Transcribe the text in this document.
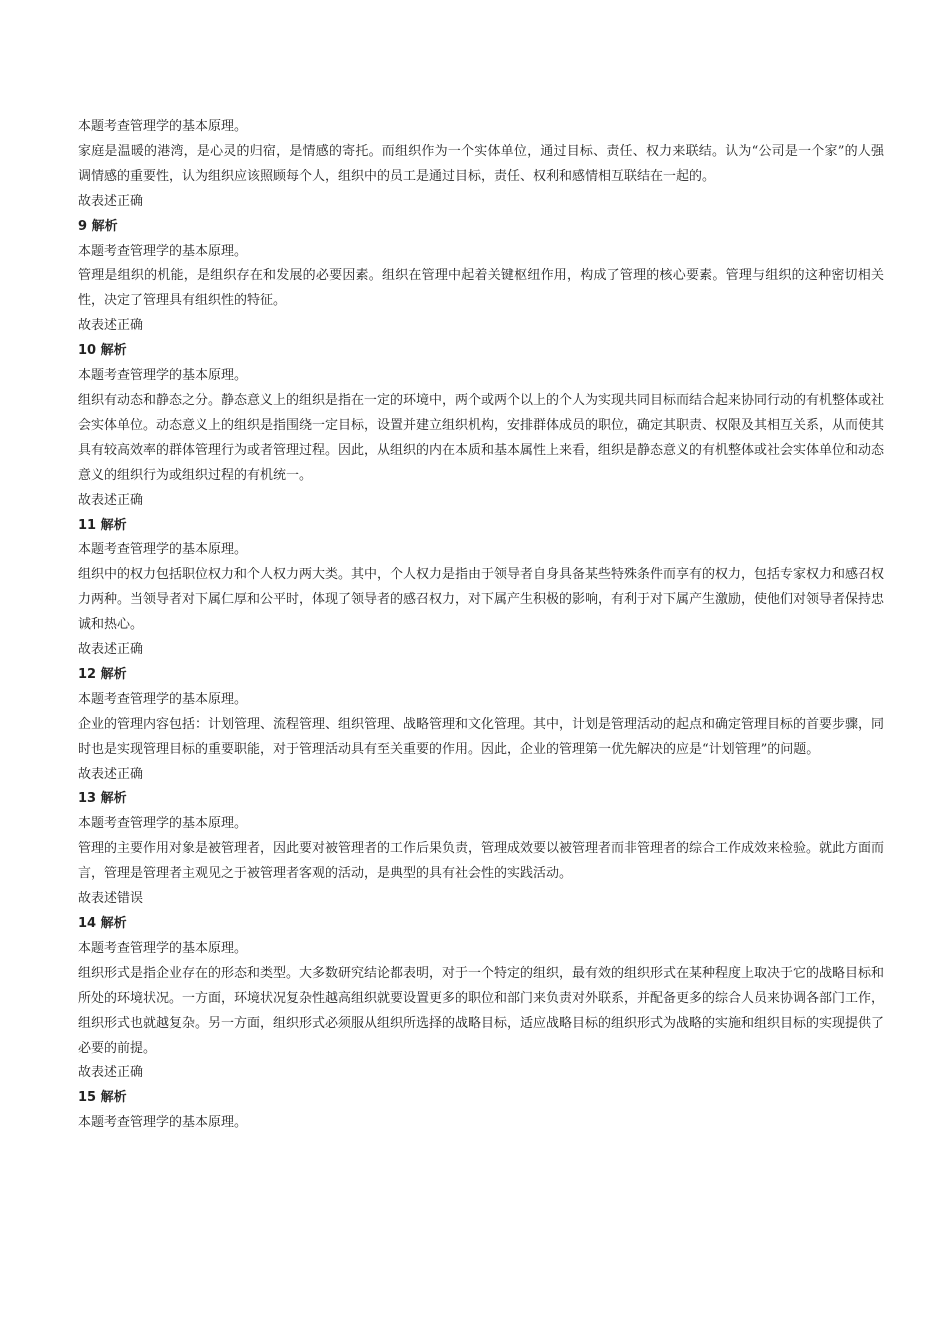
本题考查管理学的基本原理。

家庭是温暖的港湾，是心灵的归宿，是情感的寄托。而组织作为一个实体单位，通过目标、责任、权力来联结。认为“公司是一个家”的人强调情感的重要性，认为组织应该照顾每个人，组织中的员工是通过目标，责任、权利和感情相互联结在一起的。

故表述正确

9 解析

本题考查管理学的基本原理。

管理是组织的机能，是组织存在和发展的必要因素。组织在管理中起着关键枢纽作用，构成了管理的核心要素。管理与组织的这种密切相关性，决定了管理具有组织性的特征。

故表述正确

10 解析

本题考查管理学的基本原理。

组织有动态和静态之分。静态意义上的组织是指在一定的环境中，两个或两个以上的个人为实现共同目标而结合起来协同行动的有机整体或社会实体单位。动态意义上的组织是指围绕一定目标，设置并建立组织机构，安排群体成员的职位，确定其职责、权限及其相互关系，从而使其具有较高效率的群体管理行为或者管理过程。因此，从组织的内在本质和基本属性上来看，组织是静态意义的有机整体或社会实体单位和动态意义的组织行为或组织过程的有机统一。

故表述正确

11 解析

本题考查管理学的基本原理。

组织中的权力包括职位权力和个人权力两大类。其中，个人权力是指由于领导者自身具备某些特殊条件而享有的权力，包括专家权力和感召权力两种。当领导者对下属仁厚和公平时，体现了领导者的感召权力，对下属产生积极的影响，有利于对下属产生激励，使他们对领导者保持忠诚和热心。

故表述正确

12 解析

本题考查管理学的基本原理。

企业的管理内容包括：计划管理、流程管理、组织管理、战略管理和文化管理。其中，计划是管理活动的起点和确定管理目标的首要步骤，同时也是实现管理目标的重要职能，对于管理活动具有至关重要的作用。因此，企业的管理第一优先解决的应是“计划管理”的问题。

故表述正确

13 解析

本题考查管理学的基本原理。

管理的主要作用对象是被管理者，因此要对被管理者的工作后果负责，管理成效要以被管理者而非管理者的综合工作成效来检验。就此方面而言，管理是管理者主观见之于被管理者客观的活动，是典型的具有社会性的实践活动。

故表述错误

14 解析

本题考查管理学的基本原理。

组织形式是指企业存在的形态和类型。大多数研究结论都表明，对于一个特定的组织，最有效的组织形式在某种程度上取决于它的战略目标和所处的环境状况。一方面，环境状况复杂性越高组织就要设置更多的职位和部门来负责对外联系，并配备更多的综合人员来协调各部门工作，组织形式也就越复杂。另一方面，组织形式必须服从组织所选择的战略目标，适应战略目标的组织形式为战略的实施和组织目标的实现提供了必要的前提。

故表述正确

15 解析

本题考查管理学的基本原理。
